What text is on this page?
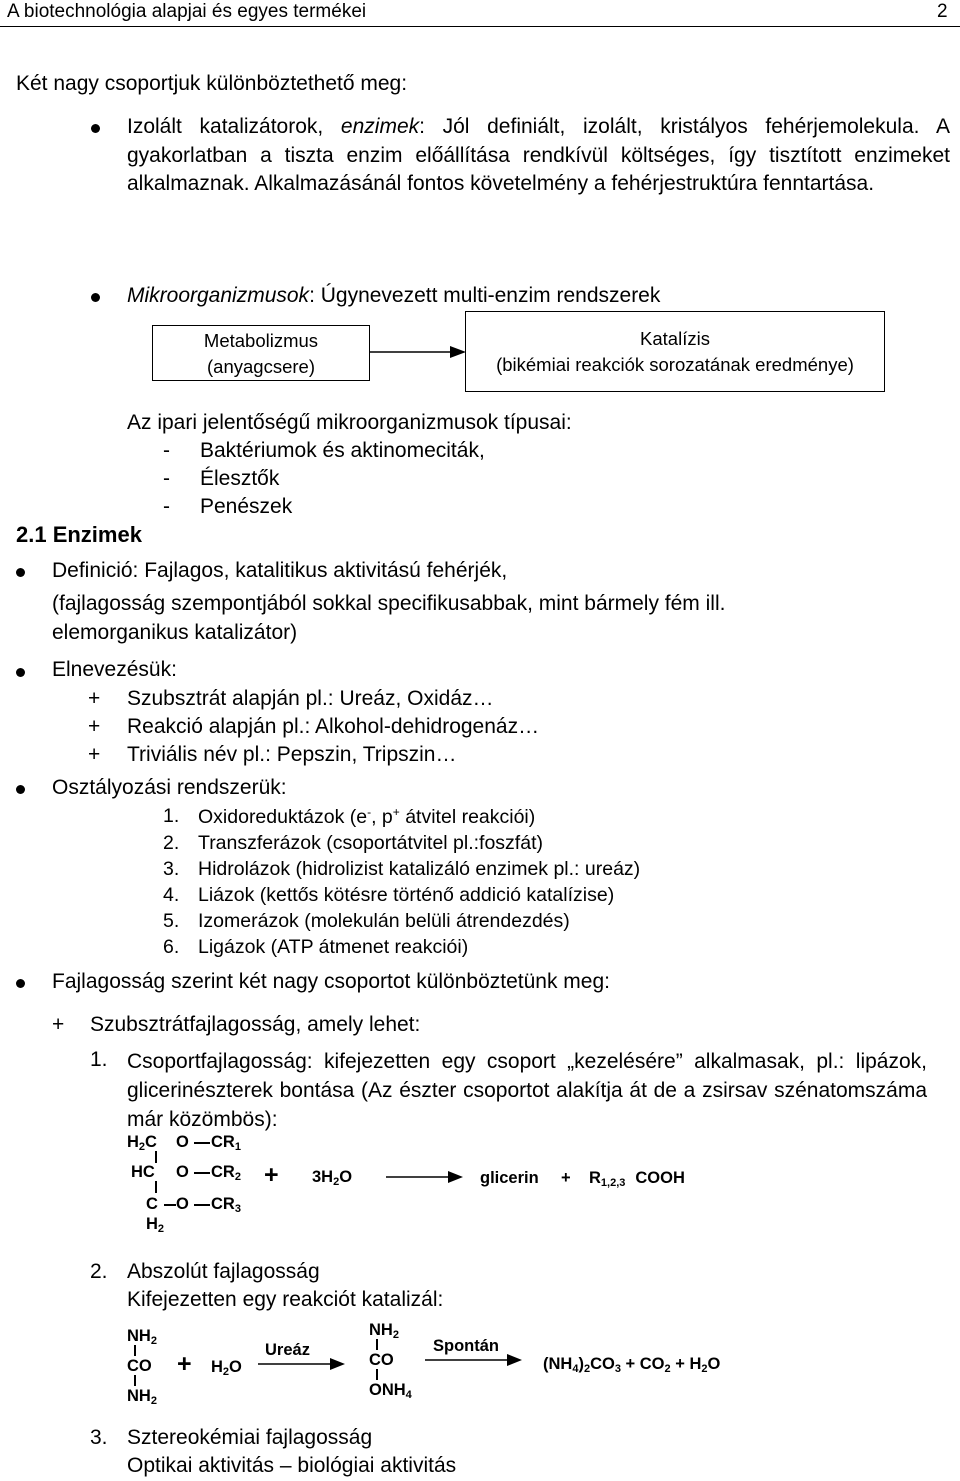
A biotechnológia alapjai és egyes termékei	2
Két nagy csoportjuk különböztethető meg:
Izolált katalizátorok, enzimek: Jól definiált, izolált, kristályos fehérjemolekula. A gyakorlatban a tiszta enzim előállítása rendkívül költséges, így tisztított enzimeket alkalmaznak. Alkalmazásánál fontos követelmény a fehérjestruktúra fenntartása.
Mikroorganizmusok: Úgynevezett multi-enzim rendszerek
Metabolizmus
(anyagcsere)
Katalízis
(bikémiai reakciók sorozatának eredménye)
Az ipari jelentőségű mikroorganizmusok típusai:
- Baktériumok és aktinomeciták,
- Élesztők
- Penészek
2.1 Enzimek
Definició: Fajlagos, katalitikus aktivitású fehérjék,
(fajlagosság szempontjából sokkal specifikusabbak, mint bármely fém ill.
elemorganikus katalizátor)
Elnevezésük:
+ Szubsztrát alapján pl.: Ureáz, Oxidáz…
+ Reakció alapján pl.: Alkohol-dehidrogenáz…
+ Triviális név pl.: Pepszin, Tripszin…
Osztályozási rendszerük:
1. Oxidoreduktázok (e-, p+ átvitel reakciói)
2. Transzferázok (csoportátvitel pl.:foszfát)
3. Hidrolázok (hidrolizist katalizáló enzimek pl.: ureáz)
4. Liázok (kettős kötésre történő addició katalízise)
5. Izomerázok (molekulán belüli átrendezdés)
6. Ligázok (ATP átmenet reakciói)
Fajlagosság szerint két nagy csoportot különböztetünk meg:
+ Szubsztrátfajlagosság, amely lehet:
1. Csoportfajlagosság: kifejezetten egy csoport „kezelésére” alkalmasak, pl.: lipázok, glicerinészterek bontása (Az észter csoportot alakítja át de a zsirsav szénatomszáma már közömbös):
$H_2C$ O $CR_1$
HC O $CR_2$
C O $CR_3$
$H_2$
+ $3H_2O$	glicerin + $R_{1,2,3}$ COOH
2. Abszolút fajlagosság
Kifejezetten egy reakciót katalizál:
$NH_2$
CO
$NH_2$
+ $H_2O$
Ureáz
$NH_2$
CO
$ONH_4$
Spontán
$(NH_4)_2CO_3 + CO_2 + H_2O$
3. Sztereokémiai fajlagosság
Optikai aktivitás – biológiai aktivitás
